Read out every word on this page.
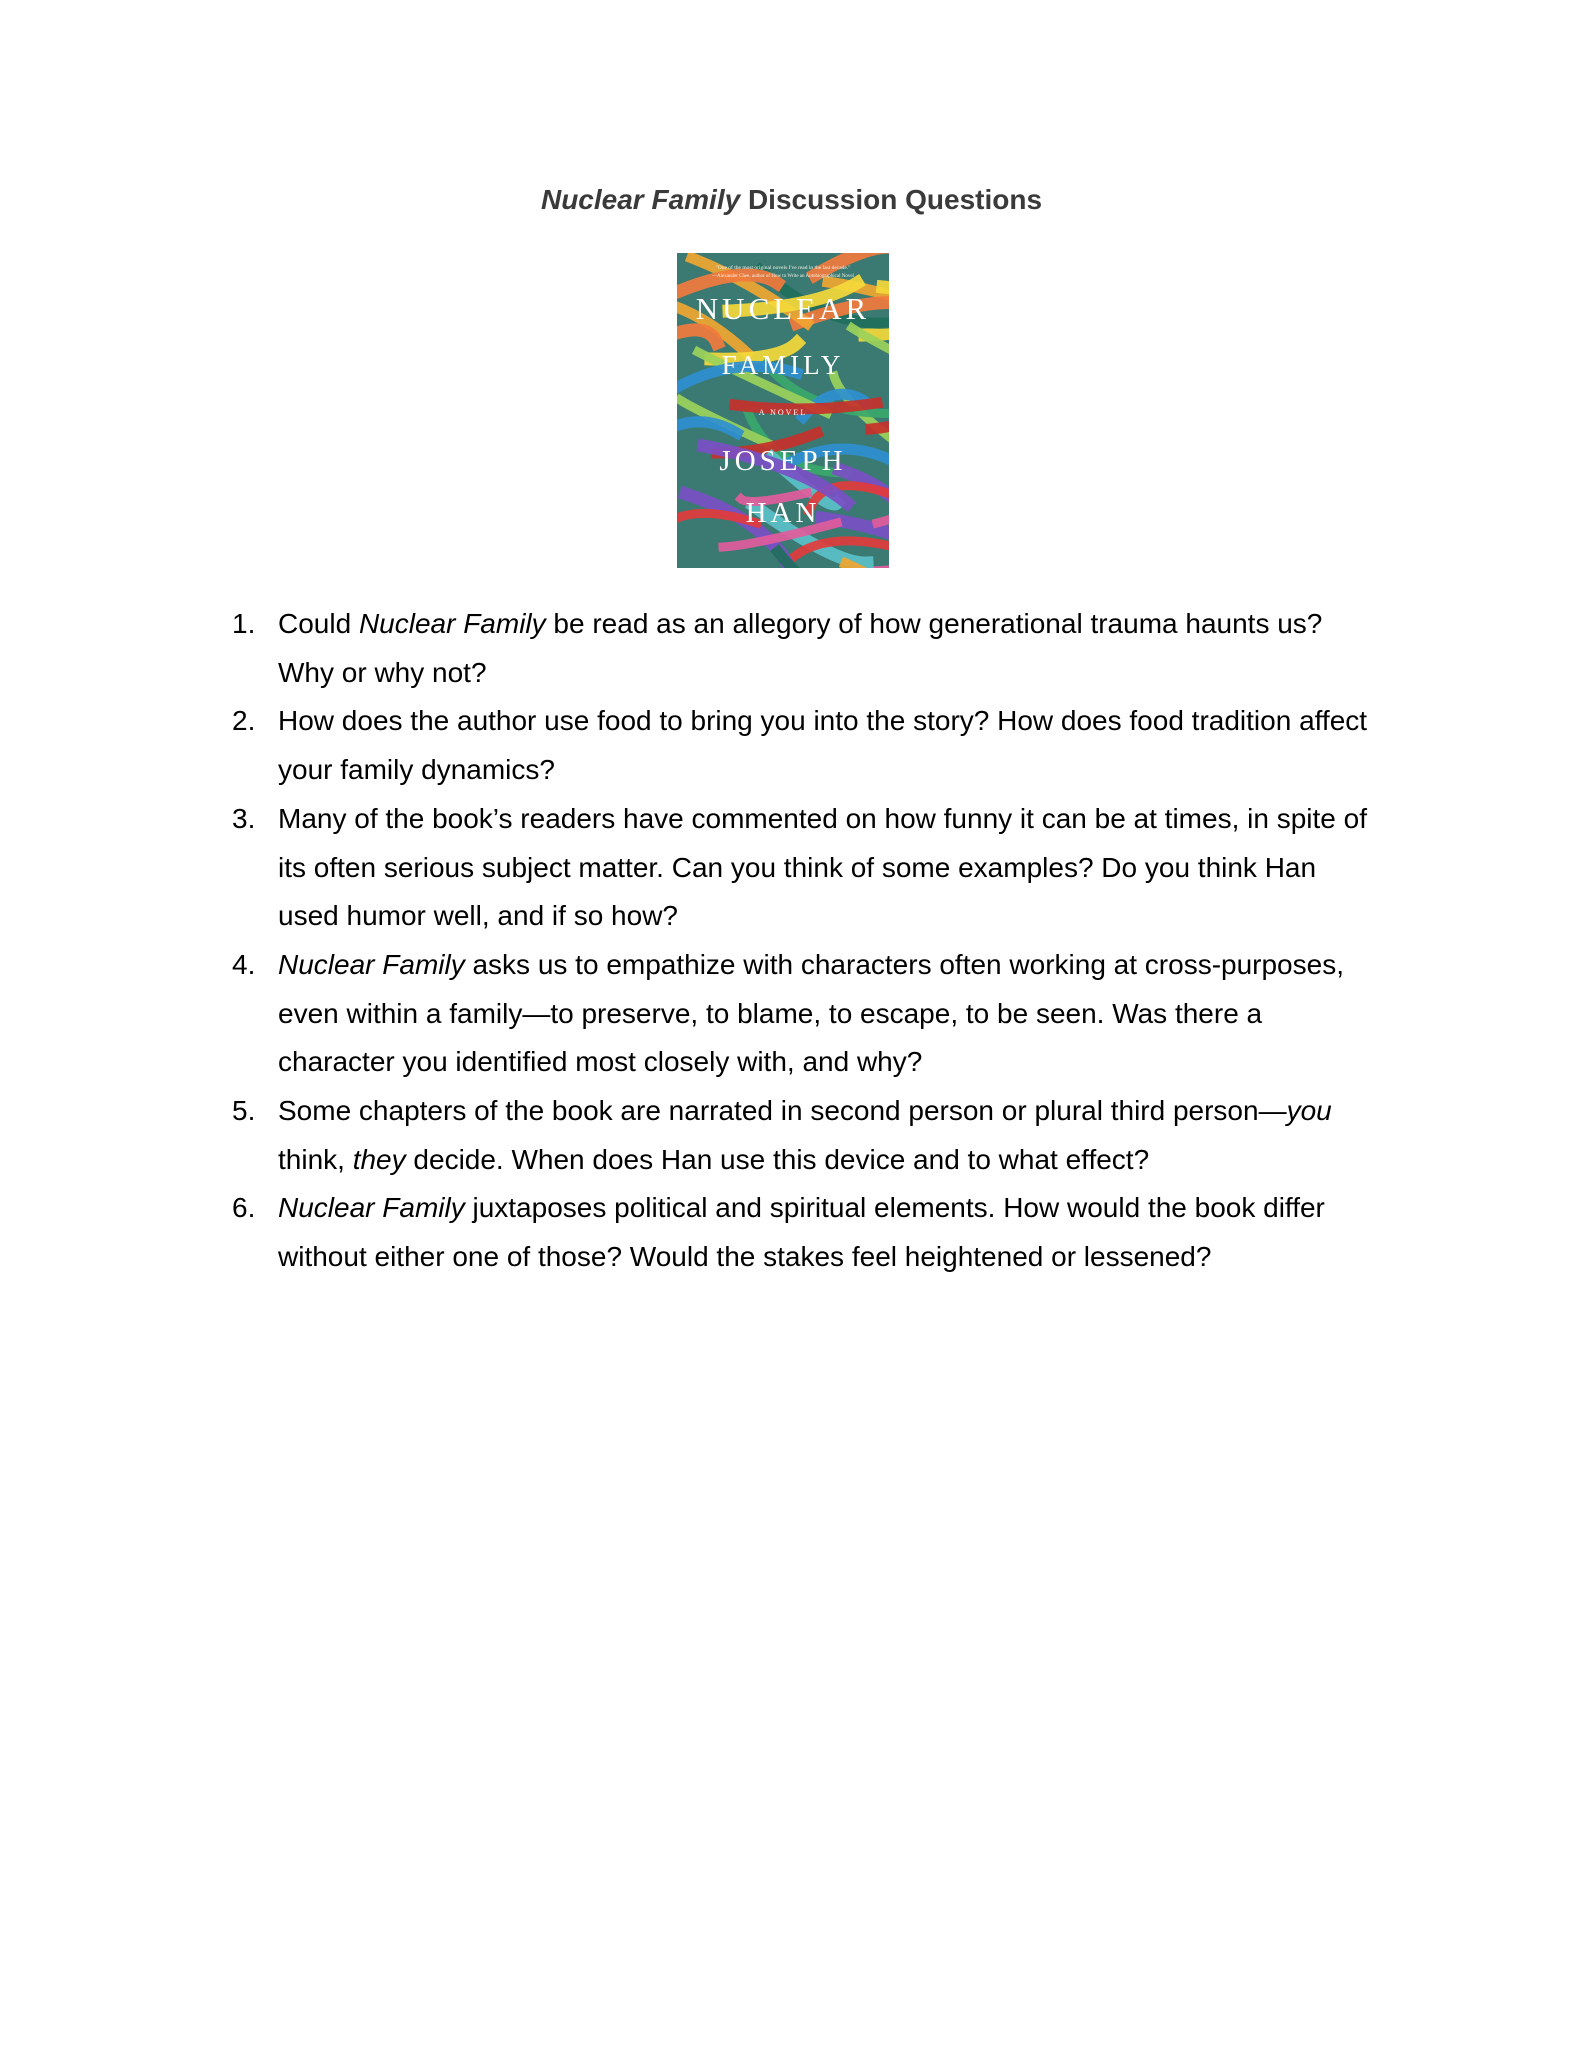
Nuclear Family Discussion Questions
"One of the most original novels I've read in the last decade."
—Alexander Chee, author of How to Write an Autobiographical Novel
NUCLEAR
FAMILY
A NOVEL
JOSEPH
HAN
1. Could Nuclear Family be read as an allegory of how generational trauma haunts us?
Why or why not?
2. How does the author use food to bring you into the story? How does food tradition affect
your family dynamics?
3. Many of the book’s readers have commented on how funny it can be at times, in spite of
its often serious subject matter. Can you think of some examples? Do you think Han
used humor well, and if so how?
4. Nuclear Family asks us to empathize with characters often working at cross-purposes,
even within a family—to preserve, to blame, to escape, to be seen. Was there a
character you identified most closely with, and why?
5. Some chapters of the book are narrated in second person or plural third person—you
think, they decide. When does Han use this device and to what effect?
6. Nuclear Family juxtaposes political and spiritual elements. How would the book differ
without either one of those? Would the stakes feel heightened or lessened?
